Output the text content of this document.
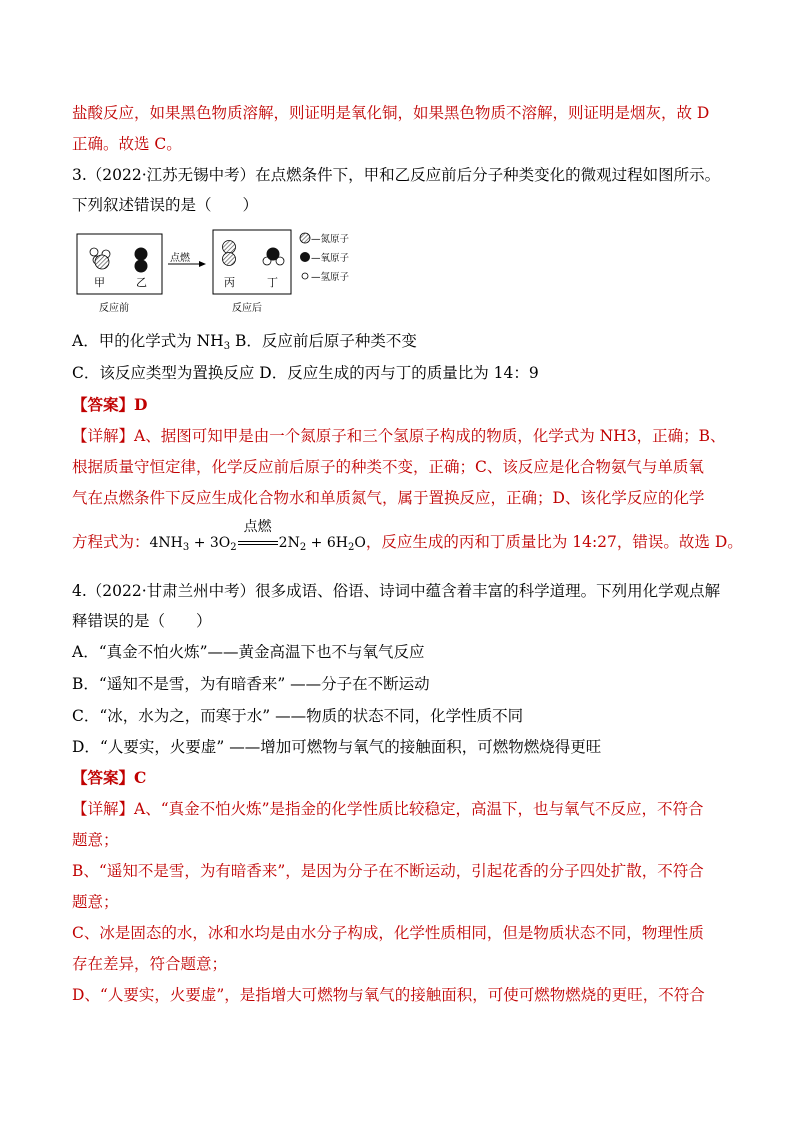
盐酸反应，如果黑色物质溶解，则证明是氧化铜，如果黑色物质不溶解，则证明是烟灰，故 D
正确。故选 C。
3.（2022·江苏无锡中考）在点燃条件下，甲和乙反应前后分子种类变化的微观过程如图所示。
下列叙述错误的是（　　）
甲	乙
反应前
点燃
丙	丁
反应后
—氮原子
—氧原子
—氢原子
A．甲的化学式为 $NH_3$ B．反应前后原子种类不变
C．该反应类型为置换反应 D．反应生成的丙与丁的质量比为 14：9
【答案】D
【详解】A、据图可知甲是由一个氮原子和三个氢原子构成的物质，化学式为 NH3，正确；B、
根据质量守恒定律，化学反应前后原子的种类不变，正确；C、该反应是化合物氨气与单质氧
气在点燃条件下反应生成化合物水和单质氮气，属于置换反应，正确；D、该化学反应的化学
方程式为：$4NH_3 + 3O_2$
点燃
$2N_2 + 6H_2O$，反应生成的丙和丁质量比为 14:27，错误。故选 D。
4.（2022·甘肃兰州中考）很多成语、俗语、诗词中蕴含着丰富的科学道理。下列用化学观点解
释错误的是（　　）
A．“真金不怕火炼”——黄金高温下也不与氧气反应
B．“遥知不是雪，为有暗香来” ——分子在不断运动
C．“冰，水为之，而寒于水” ——物质的状态不同，化学性质不同
D．“人要实，火要虚” ——增加可燃物与氧气的接触面积，可燃物燃烧得更旺
【答案】C
【详解】A、“真金不怕火炼”是指金的化学性质比较稳定，高温下，也与氧气不反应，不符合
题意；
B、“遥知不是雪，为有暗香来”，是因为分子在不断运动，引起花香的分子四处扩散，不符合
题意；
C、冰是固态的水，冰和水均是由水分子构成，化学性质相同，但是物质状态不同，物理性质
存在差异，符合题意；
D、“人要实，火要虚”，是指增大可燃物与氧气的接触面积，可使可燃物燃烧的更旺，不符合
